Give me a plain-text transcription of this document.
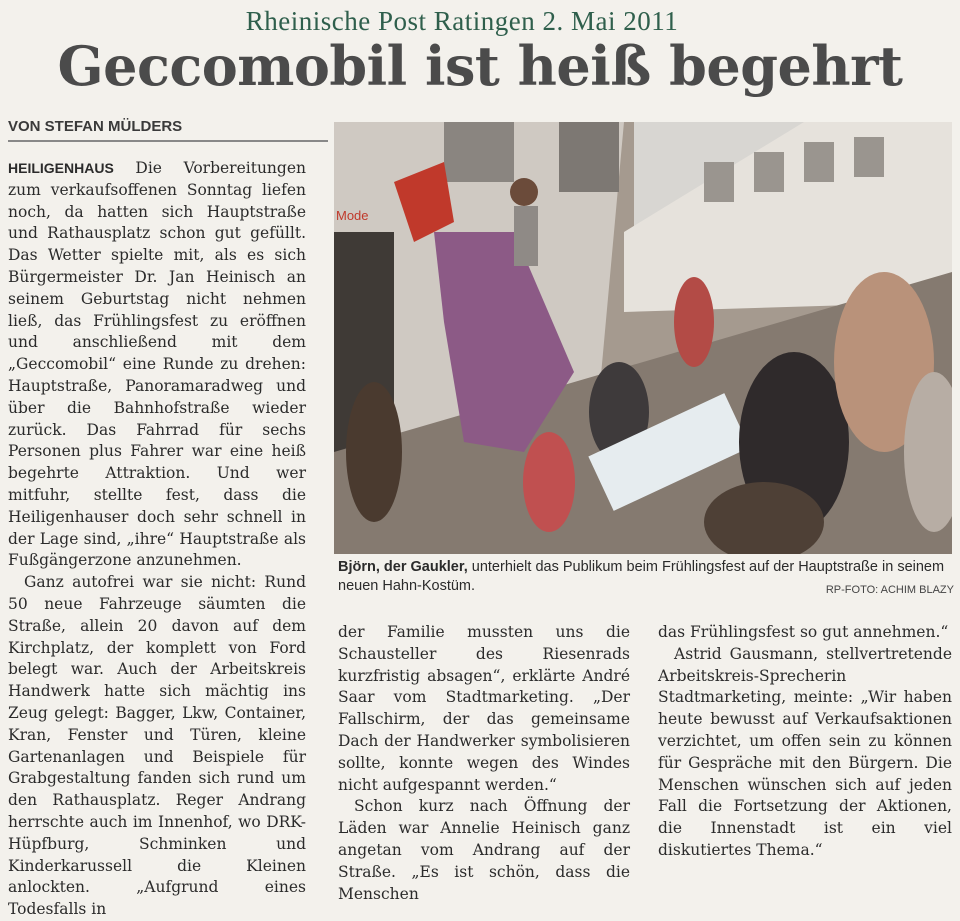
Rheinische Post Ratingen 2. Mai 2011
Geccomobil ist heiß begehrt
VON STEFAN MÜLDERS

HEILIGENHAUS Die Vorbereitungen zum verkaufsoffenen Sonntag liefen noch, da hatten sich Hauptstraße und Rathausplatz schon gut gefüllt. Das Wetter spielte mit, als es sich Bürgermeister Dr. Jan Heinisch an seinem Geburtstag nicht nehmen ließ, das Frühlingsfest zu eröffnen und anschließend mit dem „Geccomobil“ eine Runde zu drehen: Hauptstraße, Panoramaradweg und über die Bahnhofstraße wieder zurück. Das Fahrrad für sechs Personen plus Fahrer war eine heiß begehrte Attraktion. Und wer mitfuhr, stellte fest, dass die Heiligenhauser doch sehr schnell in der Lage sind, „ihre“ Hauptstraße als Fußgängerzone anzunehmen.

Ganz autofrei war sie nicht: Rund 50 neue Fahrzeuge säumten die Straße, allein 20 davon auf dem Kirchplatz, der komplett von Ford belegt war. Auch der Arbeitskreis Handwerk hatte sich mächtig ins Zeug gelegt: Bagger, Lkw, Container, Kran, Fenster und Türen, kleine Gartenanlagen und Beispiele für Grabgestaltung fanden sich rund um den Rathausplatz. Reger Andrang herrschte auch im Innenhof, wo DRK-Hüpfburg, Schminken und Kinderkarussell die Kleinen anlockten. „Aufgrund eines Todesfalls in

Mode
Björn, der Gaukler, unterhielt das Publikum beim Frühlingsfest auf der Hauptstraße in seinem neuen Hahn-Kostüm.	RP-FOTO: ACHIM BLAZY

der Familie mussten uns die Schausteller des Riesenrads kurzfristig absagen“, erklärte André Saar vom Stadtmarketing. „Der Fallschirm, der das gemeinsame Dach der Handwerker symbolisieren sollte, konnte wegen des Windes nicht aufgespannt werden.“

Schon kurz nach Öffnung der Läden war Annelie Heinisch ganz angetan vom Andrang auf der Straße. „Es ist schön, dass die Menschen

das Frühlingsfest so gut annehmen.“

Astrid Gausmann, stellvertretende Arbeitskreis-Sprecherin Stadtmarketing, meinte: „Wir haben heute bewusst auf Verkaufsaktionen verzichtet, um offen sein zu können für Gespräche mit den Bürgern. Die Menschen wünschen sich auf jeden Fall die Fortsetzung der Aktionen, die Innenstadt ist ein viel diskutiertes Thema.“
